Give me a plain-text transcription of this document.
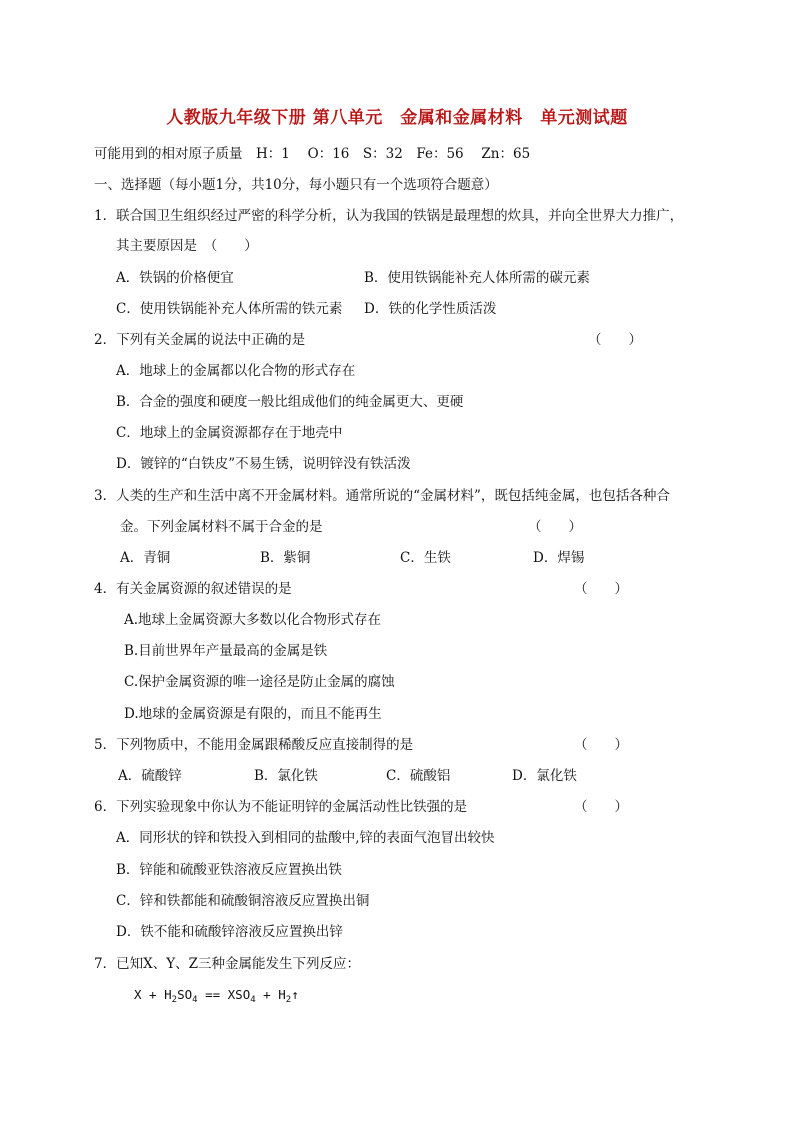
人教版九年级下册 第八单元　金属和金属材料　单元测试题
可能用到的相对原子质量　H：1　 O：16　S：32　Fe：56　 Zn：65
一、选择题（每小题1分，共10分，每小题只有一个选项符合题意）
1．联合国卫生组织经过严密的科学分析，认为我国的铁锅是最理想的炊具，并向全世界大力推广，
其主要原因是　（　　）
A．铁锅的价格便宜	B．使用铁锅能补充人体所需的碳元素
C．使用铁锅能补充人体所需的铁元素 D．铁的化学性质活泼
2．下列有关金属的说法中正确的是	（　　）
A．地球上的金属都以化合物的形式存在
B．合金的强度和硬度一般比组成他们的纯金属更大、更硬
C．地球上的金属资源都存在于地壳中
D．镀锌的“白铁皮”不易生锈，说明锌没有铁活泼
3．人类的生产和生活中离不开金属材料。通常所说的“金属材料”，既包括纯金属，也包括各种合
金。下列金属材料不属于合金的是	（　　）
A．青铜	B．紫铜	C．生铁	D．焊锡
4．有关金属资源的叙述错误的是	（　　）
A.地球上金属资源大多数以化合物形式存在
B.目前世界年产量最高的金属是铁
C.保护金属资源的唯一途径是防止金属的腐蚀
D.地球的金属资源是有限的，而且不能再生
5．下列物质中，不能用金属跟稀酸反应直接制得的是	（　　）
A．硫酸锌	B．氯化铁	C．硫酸铝	D．氯化铁
6．下列实验现象中你认为不能证明锌的金属活动性比铁强的是	（　　）
A．同形状的锌和铁投入到相同的盐酸中,锌的表面气泡冒出较快
B．锌能和硫酸亚铁溶液反应置换出铁
C．锌和铁都能和硫酸铜溶液反应置换出铜
D．铁不能和硫酸锌溶液反应置换出锌
7．已知X、Y、Z三种金属能发生下列反应：
$X + H_2SO_4 == XSO_4$ + $H_2↑$
